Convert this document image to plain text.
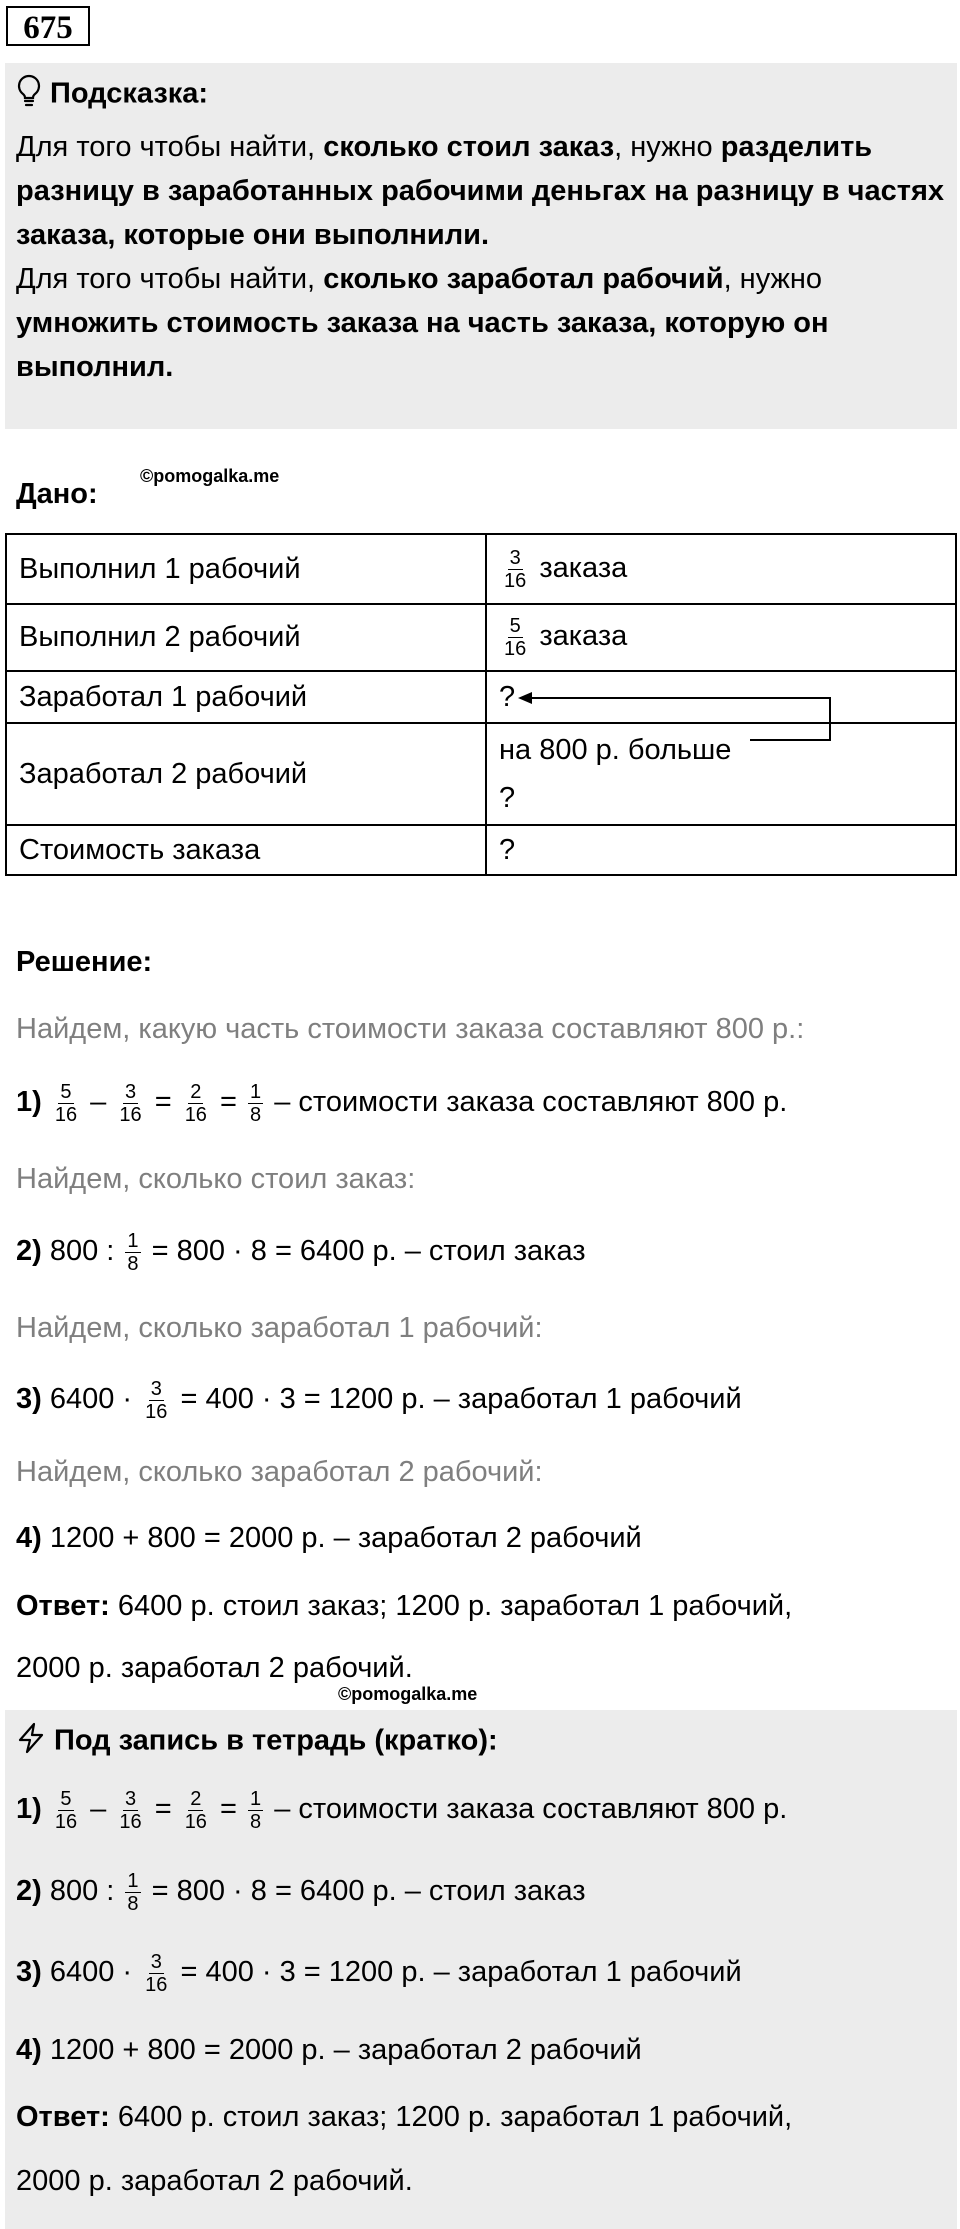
675
Подсказка:
Для того чтобы найти, сколько стоил заказ, нужно разделить разницу в заработанных рабочими деньгах на разницу в частях заказа, которые они выполнили.
Для того чтобы найти, сколько заработал рабочий, нужно умножить стоимость заказа на часть заказа, которую он выполнил.
Дано:
©pomogalka.me
Выполнил 1 рабочий	$\frac{3}{16}$ заказа
Выполнил 2 рабочий	$\frac{5}{16}$ заказа
Заработал 1 рабочий	?
Заработал 2 рабочий	на 800 р. больше
?

Стоимость заказа	?
Решение:
Найдем, какую часть стоимости заказа составляют 800 р.:
$1) \frac{5}{16} - \frac{3}{16} = \frac{2}{16} = \frac{1}{8}$ – стоимости заказа составляют 800 р.
Найдем, сколько стоил заказ:
2) 800 : $\frac{1}{8} = 800 \cdot 8 = 6400$ р. – стоил заказ
Найдем, сколько заработал 1 рабочий:
3) $6400 \cdot \frac{3}{16} = 400 \cdot 3 = 1200$ р. – заработал 1 рабочий
Найдем, сколько заработал 2 рабочий:
4) 1200 + 800 = 2000 р. – заработал 2 рабочий
Ответ: 6400 р. стоил заказ; 1200 р. заработал 1 рабочий,
2000 р. заработал 2 рабочий.
©pomogalka.me
Под запись в тетрадь (кратко):
$1) \frac{5}{16} - \frac{3}{16} = \frac{2}{16} = \frac{1}{8}$ – стоимости заказа составляют 800 р.
2) 800 : $\frac{1}{8} = 800 \cdot 8 = 6400$ р. – стоил заказ
3) $6400 \cdot \frac{3}{16} = 400 \cdot 3 = 1200$ р. – заработал 1 рабочий
4) 1200 + 800 = 2000 р. – заработал 2 рабочий
Ответ: 6400 р. стоил заказ; 1200 р. заработал 1 рабочий,
2000 р. заработал 2 рабочий.
